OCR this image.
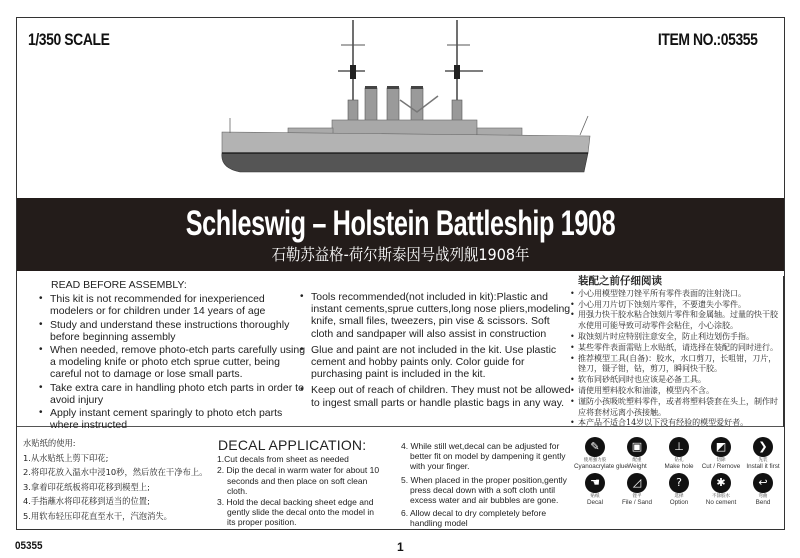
1/350 SCALE	ITEM NO.:05355
Schleswig – Holstein Battleship 1908
石勒苏益格-荷尔斯泰因号战列舰1908年
READ BEFORE ASSEMBLY:
• This kit is not recommended for inexperienced modelers or for children under 14 years of age
• Study and understand these instructions thoroughly before beginning assembly
• When needed, remove photo-etch parts carefully using a modeling knife or photo etch sprue cutter, being careful not to damage or lose small parts.
• Take extra care in handling photo etch parts in order to avoid injury
• Apply instant cement sparingly to photo etch parts where instructed
• Tools recommended(not included in kit):Plastic and instant cements,sprue cutters,long nose pliers,modeling knife, small files, tweezers, pin vise & scissors. Soft cloth and sandpaper will also assist in construction
• Glue and paint are not included in the kit. Use plastic cement and hobby paints only. Color guide for purchasing paint is included in the kit.
• Keep out of reach of children. They must not be allowed to ingest small parts or handle plastic bags in any way.
装配之前仔细阅读
• 小心用模型锉刀锉平所有零件表面的注射浇口。
• 小心用刀片切下蚀刻片零件，不要遗失小零件。
• 用强力快干胶水粘合蚀刻片零件和金属轴。过量的快干胶水使用可能导致可动零件会粘住，小心涂胶。
• 取蚀刻片时应特别注意安全，防止利边划伤手指。
• 某些零件表面需贴上水贴纸，请选择在装配的同时进行。
• 推荐模型工具(自备)：胶水，水口剪刀，长咀钳，刀片，锉刀，镊子钳，钻，剪刀，瞬间快干胶。
• 软布同砂纸同时也应该是必备工具。
• 请使用塑料胶水和油漆，模型内不含。
• 谨防小孩吸吮塑料零件，或者将塑料袋套在头上，制作时应将套材远离小孩接触。
• 本产品不适合14岁以下没有经验的模型爱好者。
水贴纸的使用:
1.从水贴纸上剪下印花;
2.将印花放入温水中浸10秒，然后放在干净布上。
3.拿着印花纸板将印花移到模型上;
4.手指蘸水将印花移到适当的位置;
5.用软布轻压印花直至水干，汽泡消失。
DECAL APPLICATION:
1.Cut decals from sheet as needed
2. Dip the decal in warm water for about 10 seconds and then place on soft clean cloth.
3. Hold the decal backing sheet edge and gently slide the decal onto the model in its proper position.
4. While still wet,decal can be adjusted for better fit on model by dampening it gently with your finger.
5. When placed in the proper position,gently press decal down with a soft cloth until excess water and air bubbles are gone.
6. Allow decal to dry completely before handling model
✎
使用强力胶
Cyanoacrylate glue
▣
配重
Weight
⊥
钻孔
Make hole
◩
切除
Cut / Remove
❯
先装
Install it first
☚
贴纸
Decal
◿
锉平
File / Sand
?
选择
Option
✱
不涂胶水
No cement
↩
弯曲
Bend
05355	1
